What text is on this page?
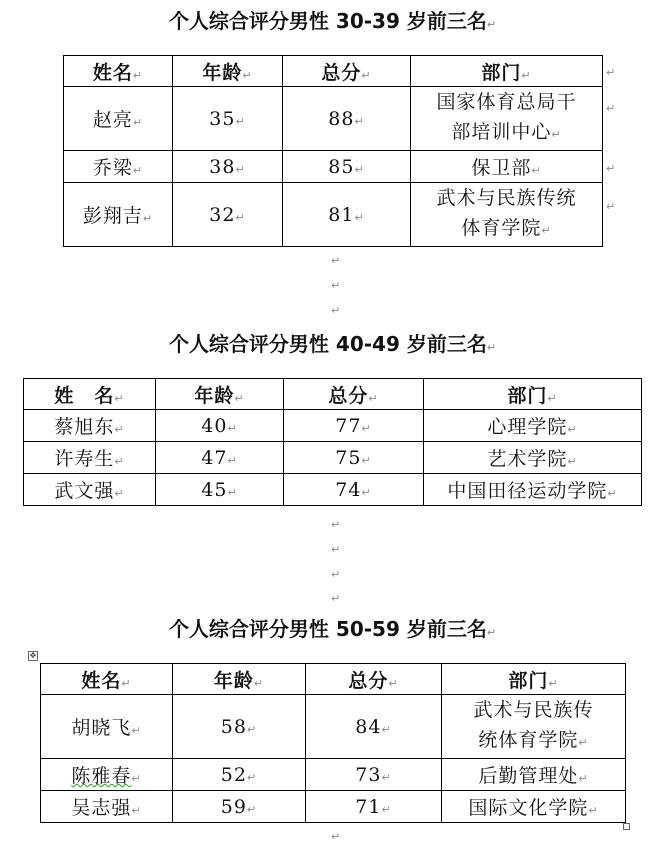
个人综合评分男性 30-39 岁前三名↵
姓名↵	年龄↵	总分↵	部门↵
赵亮↵	35↵	88↵	国家体育总局干
部培训中心↵
乔梁↵	38↵	85↵	保卫部↵
彭翔吉↵	32↵	81↵	武术与民族传统
体育学院↵
↵
↵
↵
↵
↵
↵
↵
个人综合评分男性 40-49 岁前三名↵
姓　名↵	年龄↵	总分↵	部门↵
蔡旭东↵	40↵	77↵	心理学院↵
许寿生↵	47↵	75↵	艺术学院↵
武文强↵	45↵	74↵	中国田径运动学院↵
↵
↵
↵
↵
个人综合评分男性 50-59 岁前三名↵
✥
姓名↵	年龄↵	总分↵	部门↵
胡晓飞↵	58↵	84↵	武术与民族传
统体育学院↵
陈雅春↵	52↵	73↵	后勤管理处↵
吴志强↵	59↵	71↵	国际文化学院↵
↵
